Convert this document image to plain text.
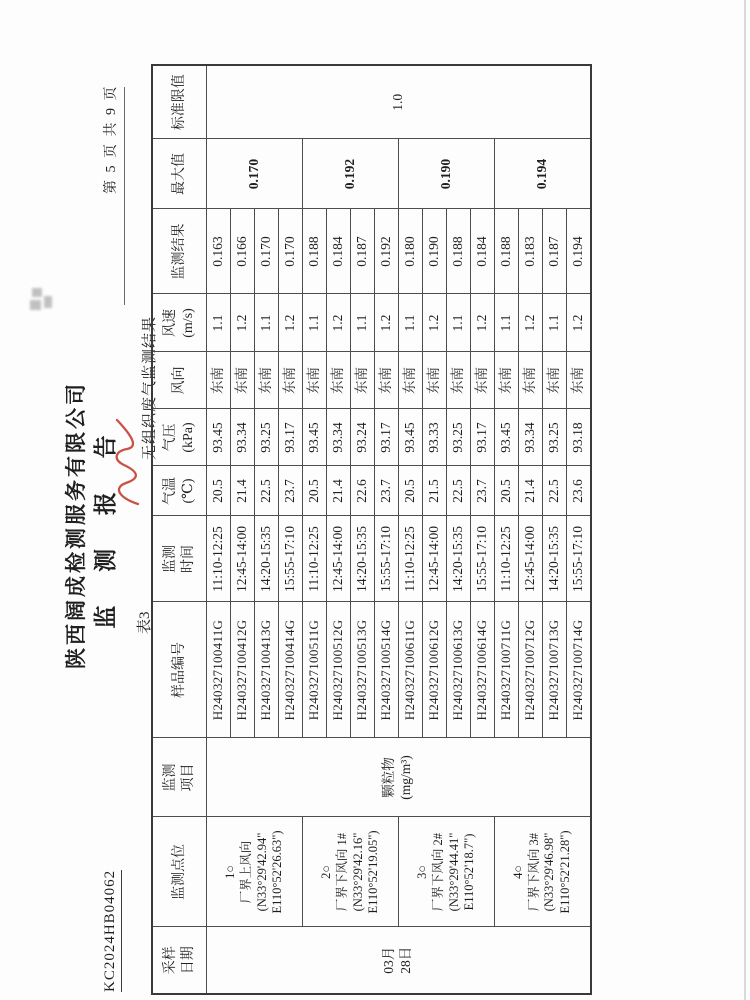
KC2024HB04062
第 5 页 共 9 页
陕西阔成检测服务有限公司 监 测 报 告 表3
无组织废气监测结果
采样 日期	监测点位	监测 项目	样品编号	监测 时间	气温 (℃)	气压 (kPa)	风向	风速 (m/s)	监测结果	最大值	标准限值
03月 28日	1○ 厂界上风向 (N33°29'42.94" E110°52'26.63")	颗粒物 (mg/m³)	H240327100411G	11:10-12:25	20.5	93.45	东南	1.1	0.163	0.170	1.0
			H240327100412G	12:45-14:00	21.4	93.34	东南	1.2	0.166		
			H240327100413G	14:20-15:35	22.5	93.25	东南	1.1	0.170		
			H240327100414G	15:55-17:10	23.7	93.17	东南	1.2	0.170		
	2○ 厂界下风向 1# (N33°29'42.16" E110°52'19.05")		H240327100511G	11:10-12:25	20.5	93.45	东南	1.1	0.188	0.192	
			H240327100512G	12:45-14:00	21.4	93.34	东南	1.2	0.184		
			H240327100513G	14:20-15:35	22.6	93.24	东南	1.1	0.187		
			H240327100514G	15:55-17:10	23.7	93.17	东南	1.2	0.192		
	3○ 厂界下风向 2# (N33°29'44.41" E110°52'18.7")		H240327100611G	11:10-12:25	20.5	93.45	东南	1.1	0.180	0.190	
			H240327100612G	12:45-14:00	21.5	93.33	东南	1.2	0.190		
			H240327100613G	14:20-15:35	22.5	93.25	东南	1.1	0.188		
			H240327100614G	15:55-17:10	23.7	93.17	东南	1.2	0.184		
	4○ 厂界下风向 3# (N33°29'46.98" E110°52'21.28")		H240327100711G	11:10-12:25	20.5	93.45	东南	1.1	0.188	0.194	
			H240327100712G	12:45-14:00	21.4	93.34	东南	1.2	0.183		
			H240327100713G	14:20-15:35	22.5	93.25	东南	1.1	0.187		
			H240327100714G	15:55-17:10	23.6	93.18	东南	1.2	0.194		
